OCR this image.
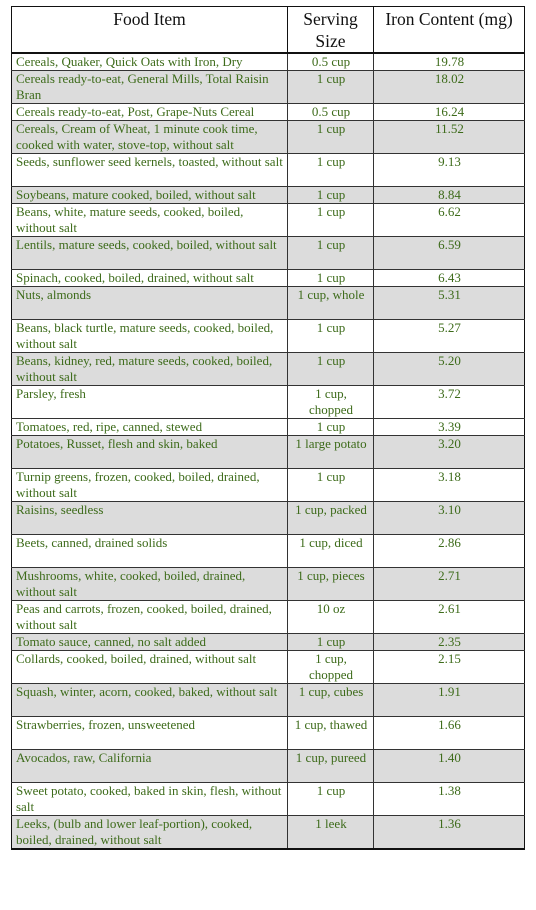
Food Item	Serving Size	Iron Content (mg)
Cereals, Quaker, Quick Oats with Iron, Dry	0.5 cup	19.78
Cereals ready-to-eat, General Mills, Total Raisin Bran	1 cup	18.02
Cereals ready-to-eat, Post, Grape-Nuts Cereal	0.5 cup	16.24
Cereals, Cream of Wheat, 1 minute cook time, cooked with water, stove-top, without salt	1 cup	11.52
Seeds, sunflower seed kernels, toasted, without salt	1 cup	9.13
Soybeans, mature cooked, boiled, without salt	1 cup	8.84
Beans, white, mature seeds, cooked, boiled, without salt	1 cup	6.62
Lentils, mature seeds, cooked, boiled, without salt	1 cup	6.59
Spinach, cooked, boiled, drained, without salt	1 cup	6.43
Nuts, almonds	1 cup, whole	5.31
Beans, black turtle, mature seeds, cooked, boiled, without salt	1 cup	5.27
Beans, kidney, red, mature seeds, cooked, boiled, without salt	1 cup	5.20
Parsley, fresh	1 cup, chopped	3.72
Tomatoes, red, ripe, canned, stewed	1 cup	3.39
Potatoes, Russet, flesh and skin, baked	1 large potato	3.20
Turnip greens, frozen, cooked, boiled, drained, without salt	1 cup	3.18
Raisins, seedless	1 cup, packed	3.10
Beets, canned, drained solids	1 cup, diced	2.86
Mushrooms, white, cooked, boiled, drained, without salt	1 cup, pieces	2.71
Peas and carrots, frozen, cooked, boiled, drained, without salt	10 oz	2.61
Tomato sauce, canned, no salt added	1 cup	2.35
Collards, cooked, boiled, drained, without salt	1 cup, chopped	2.15
Squash, winter, acorn, cooked, baked, without salt	1 cup, cubes	1.91
Strawberries, frozen, unsweetened	1 cup, thawed	1.66
Avocados, raw, California	1 cup, pureed	1.40
Sweet potato, cooked, baked in skin, flesh, without salt	1 cup	1.38
Leeks, (bulb and lower leaf-portion), cooked, boiled, drained, without salt	1 leek	1.36
